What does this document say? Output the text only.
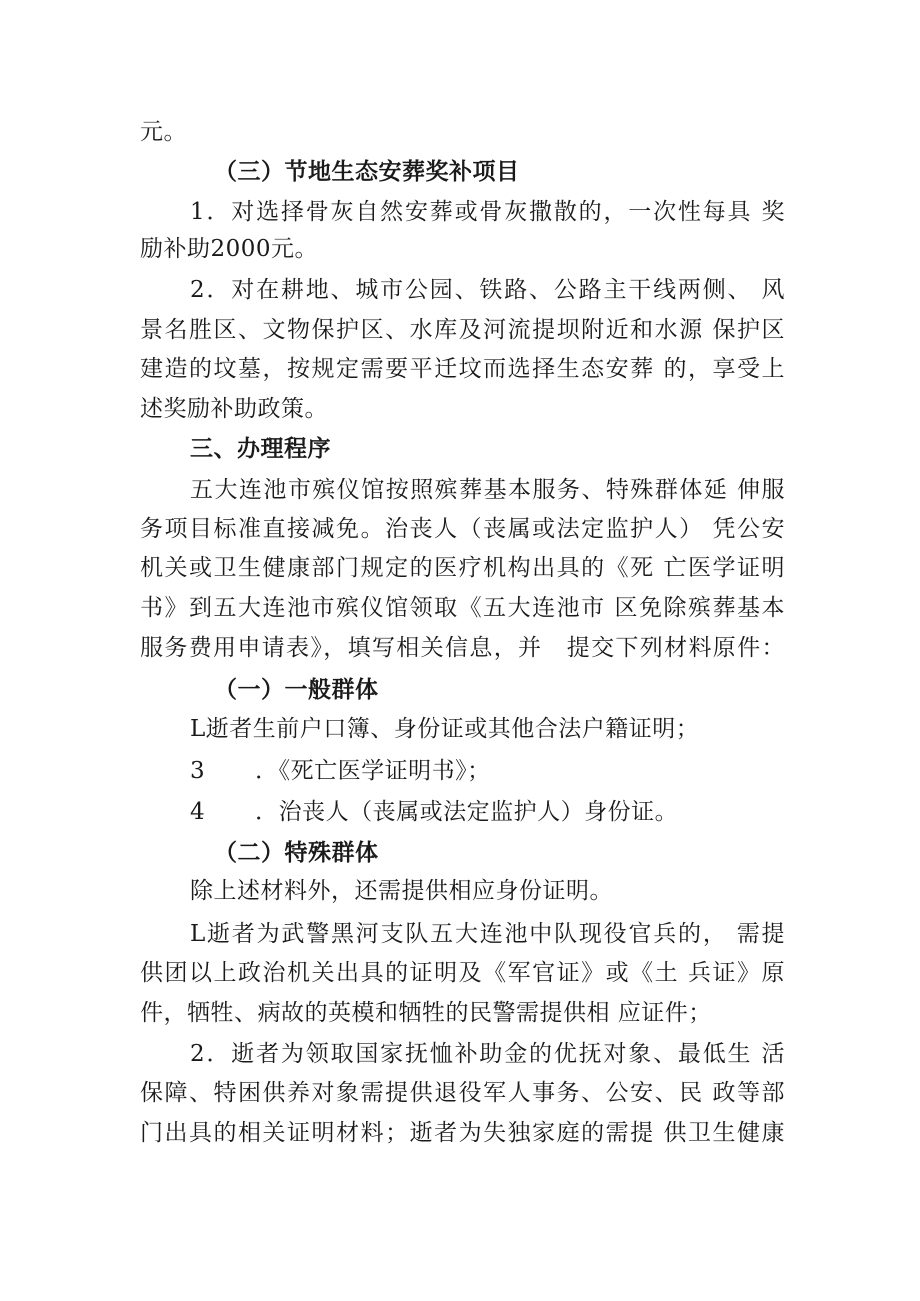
元。
（三）节地生态安葬奖补项目
1．对选择骨灰自然安葬或骨灰撒散的，一次性每具 奖
励补助2000元。
2．对在耕地、城市公园、铁路、公路主干线两侧、 风
景名胜区、文物保护区、水库及河流提坝附近和水源 保护区
建造的坟墓，按规定需要平迁坟而选择生态安葬 的，享受上
述奖励补助政策。
三、办理程序
五大连池市殡仪馆按照殡葬基本服务、特殊群体延 伸服
务项目标准直接减免。治丧人（丧属或法定监护人） 凭公安
机关或卫生健康部门规定的医疗机构出具的《死 亡医学证明
书》到五大连池市殡仪馆领取《五大连池市 区免除殡葬基本
服务费用申请表》，填写相关信息，并　提交下列材料原件：
（一）一般群体
L逝者生前户口簿、身份证或其他合法户籍证明；
3 ．《死亡医学证明书》；
4 ．治丧人（丧属或法定监护人）身份证。
（二）特殊群体
除上述材料外，还需提供相应身份证明。
L逝者为武警黑河支队五大连池中队现役官兵的， 需提
供团以上政治机关出具的证明及《军官证》或《土 兵证》原
件，牺牲、病故的英模和牺牲的民警需提供相 应证件；
2．逝者为领取国家抚恤补助金的优抚对象、最低生 活
保障、特困供养对象需提供退役军人事务、公安、民 政等部
门出具的相关证明材料；逝者为失独家庭的需提 供卫生健康
